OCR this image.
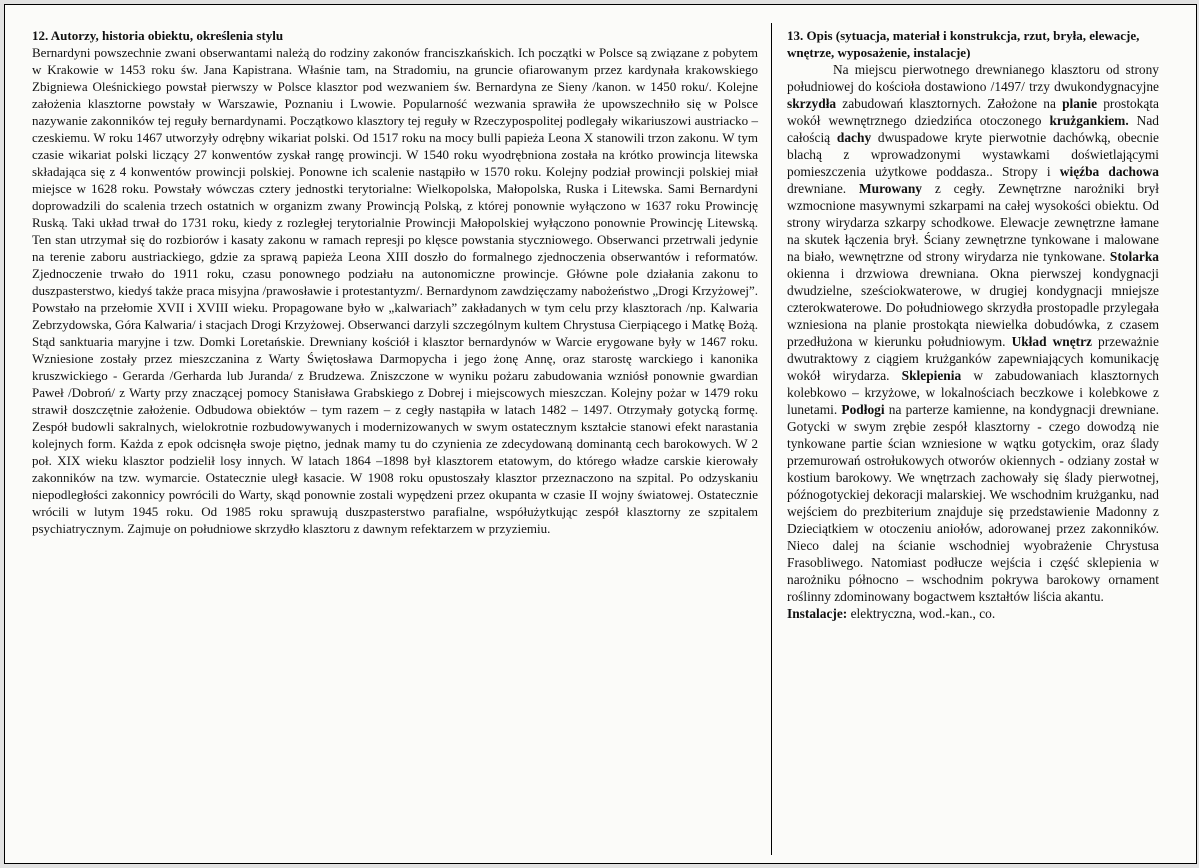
12. Autorzy, historia obiektu, określenia stylu

Bernardyni powszechnie zwani obserwantami należą do rodziny zakonów franciszkańskich. Ich początki w Polsce są związane z pobytem w Krakowie w 1453 roku św. Jana Kapistrana. Właśnie tam, na Stradomiu, na gruncie ofiarowanym przez kardynała krakowskiego Zbigniewa Oleśnickiego powstał pierwszy w Polsce klasztor pod wezwaniem św. Bernardyna ze Sieny /kanon. w 1450 roku/. Kolejne założenia klasztorne powstały w Warszawie, Poznaniu i Lwowie. Popularność wezwania sprawiła że upowszechniło się w Polsce nazywanie zakonników tej reguły bernardynami. Początkowo klasztory tej reguły w Rzeczypospolitej podlegały wikariuszowi austriacko – czeskiemu. W roku 1467 utworzyły odrębny wikariat polski. Od 1517 roku na mocy bulli papieża Leona X stanowili trzon zakonu. W tym czasie wikariat polski liczący 27 konwentów zyskał rangę prowincji. W 1540 roku wyodrębniona została na krótko prowincja litewska składająca się z 4 konwentów prowincji polskiej. Ponowne ich scalenie nastąpiło w 1570 roku. Kolejny podział prowincji polskiej miał miejsce w 1628 roku. Powstały wówczas cztery jednostki terytorialne: Wielkopolska, Małopolska, Ruska i Litewska. Sami Bernardyni doprowadzili do scalenia trzech ostatnich w organizm zwany Prowincją Polską, z której ponownie wyłączono w 1637 roku Prowincję Ruską. Taki układ trwał do 1731 roku, kiedy z rozległej terytorialnie Prowincji Małopolskiej wyłączono ponownie Prowincję Litewską. Ten stan utrzymał się do rozbiorów i kasaty zakonu w ramach represji po klęsce powstania styczniowego. Obserwanci przetrwali jedynie na terenie zaboru austriackiego, gdzie za sprawą papieża Leona XIII doszło do formalnego zjednoczenia obserwantów i reformatów. Zjednoczenie trwało do 1911 roku, czasu ponownego podziału na autonomiczne prowincje. Główne pole działania zakonu to duszpasterstwo, kiedyś także praca misyjna /prawosławie i protestantyzm/. Bernardynom zawdzięczamy nabożeństwo „Drogi Krzyżowej”. Powstało na przełomie XVII i XVIII wieku. Propagowane było w „kalwariach” zakładanych w tym celu przy klasztorach /np. Kalwaria Zebrzydowska, Góra Kalwaria/ i stacjach Drogi Krzyżowej. Obserwanci darzyli szczególnym kultem Chrystusa Cierpiącego i Matkę Bożą. Stąd sanktuaria maryjne i tzw. Domki Loretańskie. Drewniany kościół i klasztor bernardynów w Warcie erygowane były w 1467 roku. Wzniesione zostały przez mieszczanina z Warty Świętosława Darmopycha i jego żonę Annę, oraz starostę warckiego i kanonika kruszwickiego - Gerarda /Gerharda lub Juranda/ z Brudzewa. Zniszczone w wyniku pożaru zabudowania wzniósł ponownie gwardian Paweł /Dobroń/ z Warty przy znaczącej pomocy Stanisława Grabskiego z Dobrej i miejscowych mieszczan. Kolejny pożar w 1479 roku strawił doszczętnie założenie. Odbudowa obiektów – tym razem – z cegły nastąpiła w latach 1482 – 1497. Otrzymały gotycką formę. Zespół budowli sakralnych, wielokrotnie rozbudowywanych i modernizowanych w swym ostatecznym kształcie stanowi efekt narastania kolejnych form. Każda z epok odcisnęła swoje piętno, jednak mamy tu do czynienia ze zdecydowaną dominantą cech barokowych. W 2 poł. XIX wieku klasztor podzielił losy innych. W latach 1864 –1898 był klasztorem etatowym, do którego władze carskie kierowały zakonników na tzw. wymarcie. Ostatecznie uległ kasacie. W 1908 roku opustoszały klasztor przeznaczono na szpital. Po odzyskaniu niepodległości zakonnicy powrócili do Warty, skąd ponownie zostali wypędzeni przez okupanta w czasie II wojny światowej. Ostatecznie wrócili w lutym 1945 roku. Od 1985 roku sprawują duszpasterstwo parafialne, współużytkując zespół klasztorny ze szpitalem psychiatrycznym. Zajmuje on południowe skrzydło klasztoru z dawnym refektarzem w przyziemiu.

13. Opis (sytuacja, materiał i konstrukcja, rzut, bryła, elewacje, wnętrze, wyposażenie, instalacje)

Na miejscu pierwotnego drewnianego klasztoru od strony południowej do kościoła dostawiono /1497/ trzy dwukondygnacyjne skrzydła zabudowań klasztornych. Założone na planie prostokąta wokół wewnętrznego dziedzińca otoczonego krużgankiem. Nad całością dachy dwuspadowe kryte pierwotnie dachówką, obecnie blachą z wprowadzonymi wystawkami doświetlającymi pomieszczenia użytkowe poddasza.. Stropy i więźba dachowa drewniane. Murowany z cegły. Zewnętrzne narożniki brył wzmocnione masywnymi szkarpami na całej wysokości obiektu. Od strony wirydarza szkarpy schodkowe. Elewacje zewnętrzne łamane na skutek łączenia brył. Ściany zewnętrzne tynkowane i malowane na biało, wewnętrzne od strony wirydarza nie tynkowane. Stolarka okienna i drzwiowa drewniana. Okna pierwszej kondygnacji dwudzielne, sześciokwaterowe, w drugiej kondygnacji mniejsze czterokwaterowe. Do południowego skrzydła prostopadle przylegała wzniesiona na planie prostokąta niewielka dobudówka, z czasem przedłużona w kierunku południowym. Układ wnętrz przeważnie dwutraktowy z ciągiem krużganków zapewniających komunikację wokół wirydarza. Sklepienia w zabudowaniach klasztornych kolebkowo – krzyżowe, w lokalnościach beczkowe i kolebkowe z lunetami. Podłogi na parterze kamienne, na kondygnacji drewniane. Gotycki w swym zrębie zespół klasztorny - czego dowodzą nie tynkowane partie ścian wzniesione w wątku gotyckim, oraz ślady przemurowań ostrołukowych otworów okiennych - odziany został w kostium barokowy. We wnętrzach zachowały się ślady pierwotnej, późnogotyckiej dekoracji malarskiej. We wschodnim krużganku, nad wejściem do prezbiterium znajduje się przedstawienie Madonny z Dzieciątkiem w otoczeniu aniołów, adorowanej przez zakonników. Nieco dalej na ścianie wschodniej wyobrażenie Chrystusa Frasobliwego. Natomiast podłucze wejścia i część sklepienia w narożniku północno – wschodnim pokrywa barokowy ornament roślinny zdominowany bogactwem kształtów liścia akantu.

Instalacje: elektryczna, wod.-kan., co.
